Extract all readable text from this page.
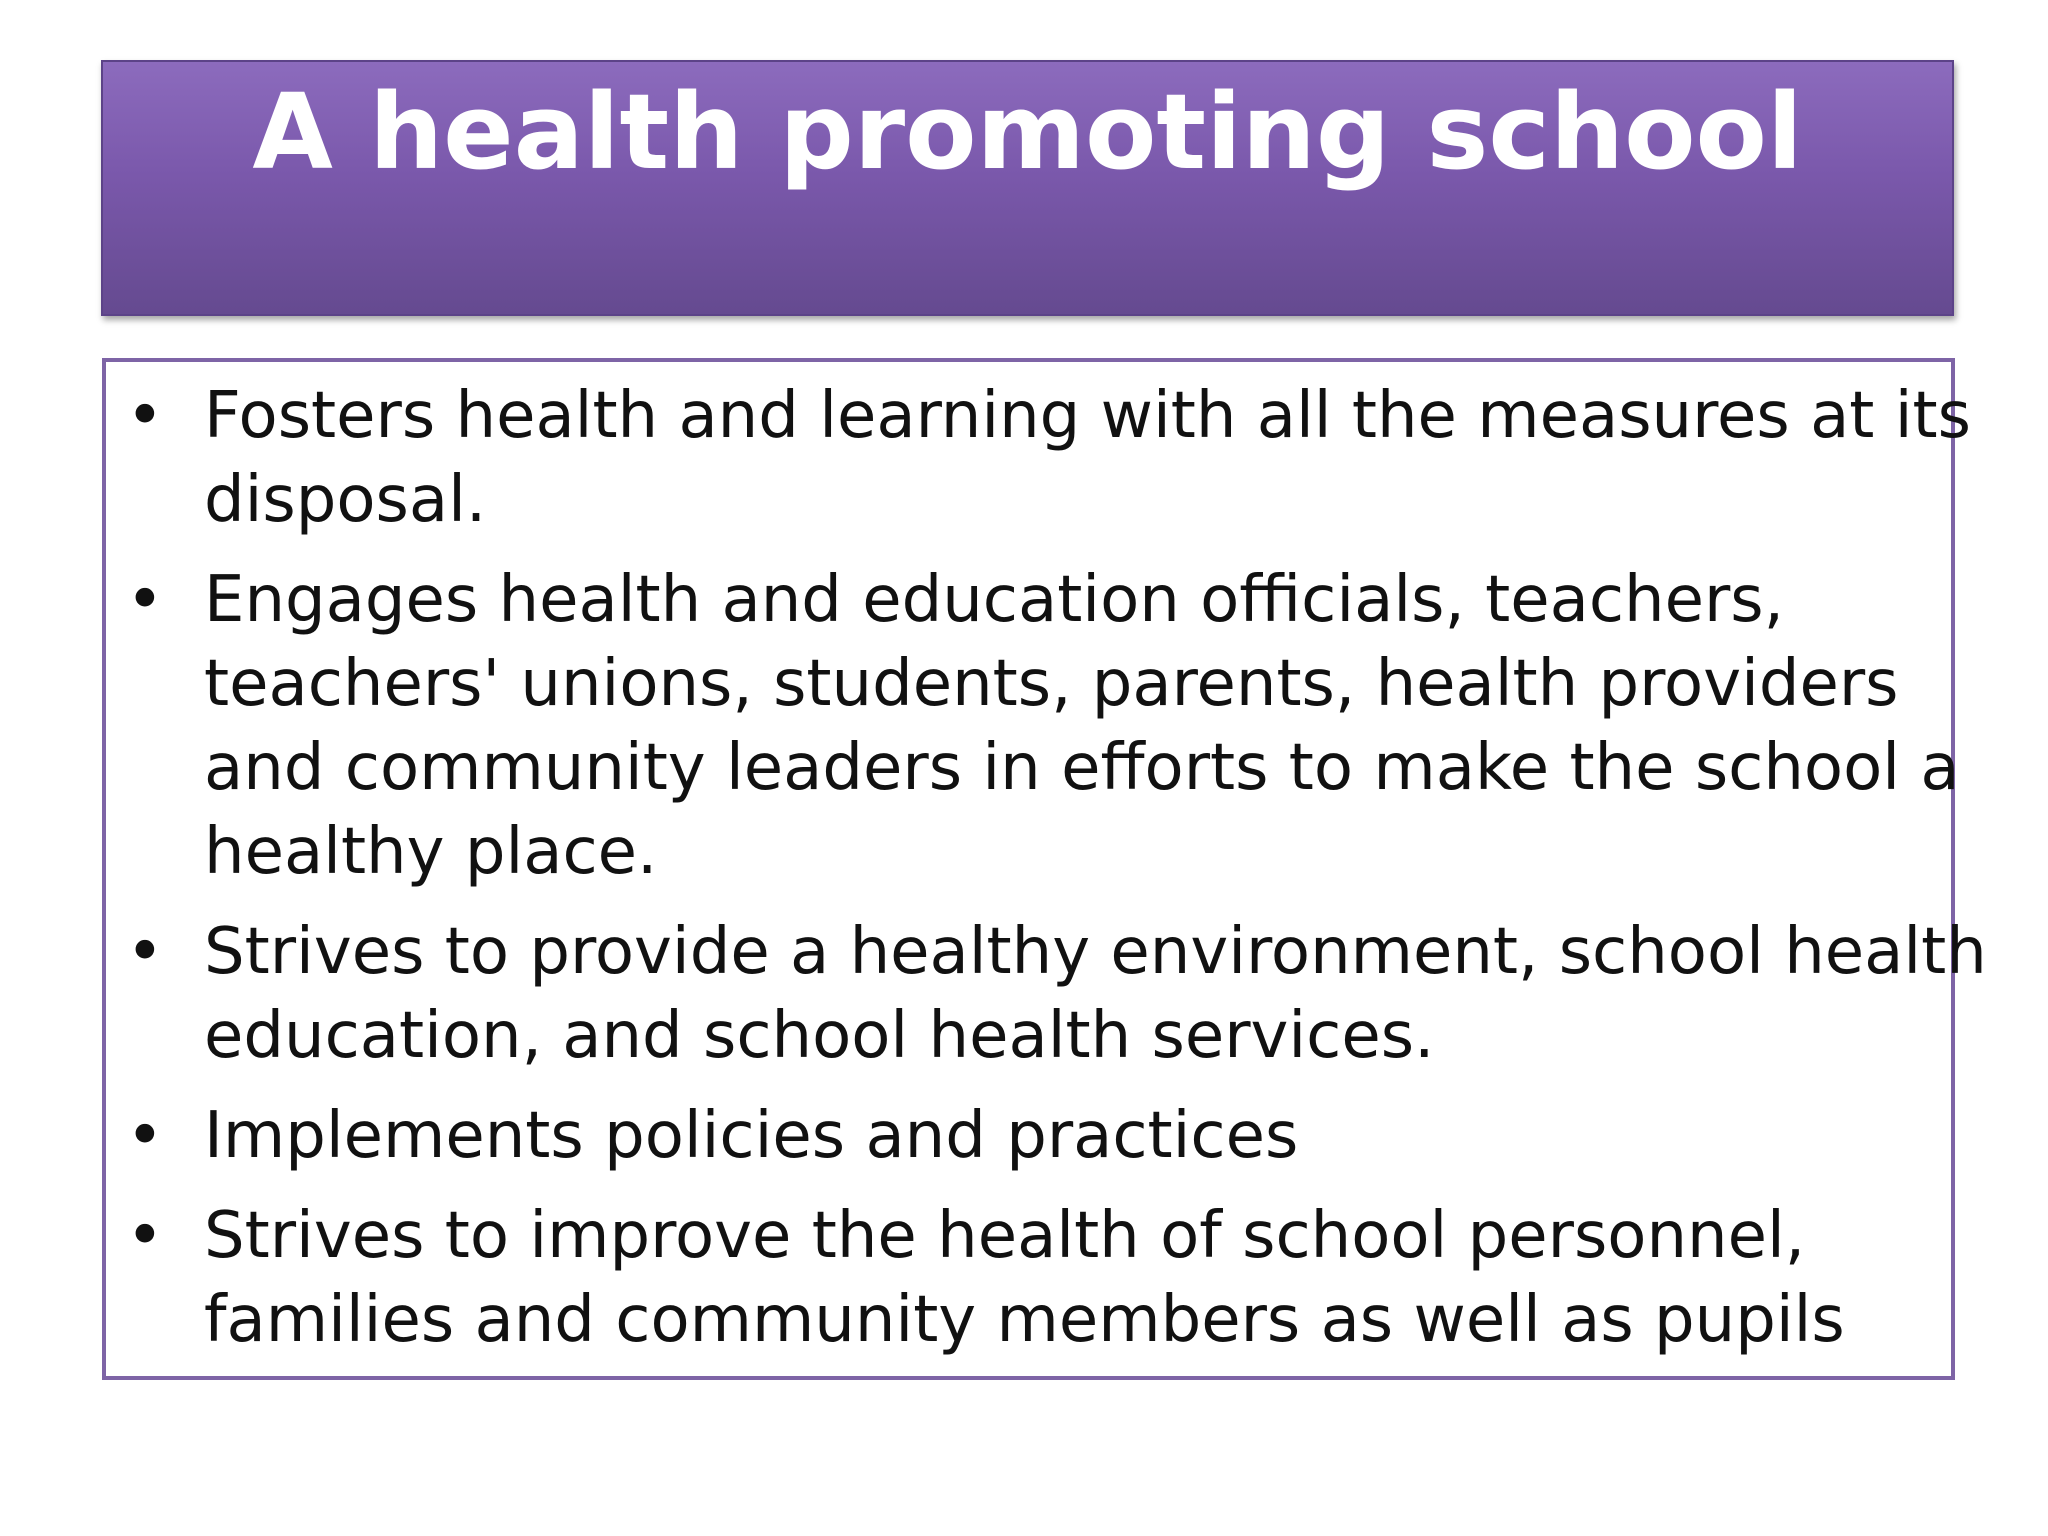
A health promoting school
• Fosters health and learning with all the measures at its
disposal.
• Engages health and education officials, teachers,
teachers' unions, students, parents, health providers
and community leaders in efforts to make the school a
healthy place.
• Strives to provide a healthy environment, school health
education, and school health services.
• Implements policies and practices
• Strives to improve the health of school personnel,
families and community members as well as pupils
